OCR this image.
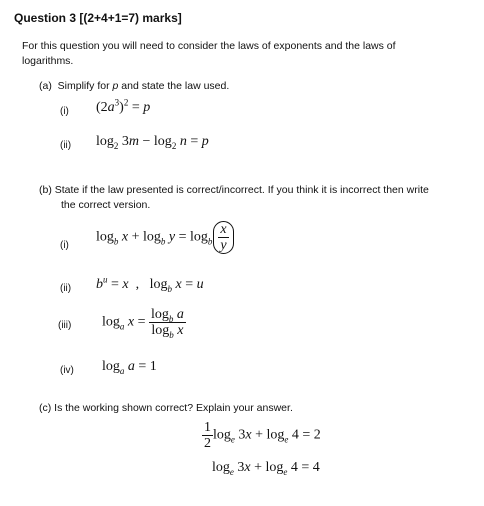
Question 3 [(2+4+1=7) marks]
For this question you will need to consider the laws of exponents and the laws of
logarithms.
(a)  Simplify for p and state the law used.
(i) $(2a^3)^2 = p$
(ii) $\log_2 3m - \log_2 n = p$
(b) State if the law presented is correct/incorrect. If you think it is incorrect then write
the correct version.
(i)
$\log_b x + \log_b y = \log_b \frac{x}{y}$
(ii) $b^u = x$  ,   $\log_b x = u$
(iii) $\log_a x = \frac{\log_b a}{\log_b x}$
(iv) $\log_a a = 1$
(c) Is the working shown correct? Explain your answer.
$\frac{1}{2} \log_e 3x + \log_e 4 = 2$
$\log_e 3x + \log_e 4 = 4$
